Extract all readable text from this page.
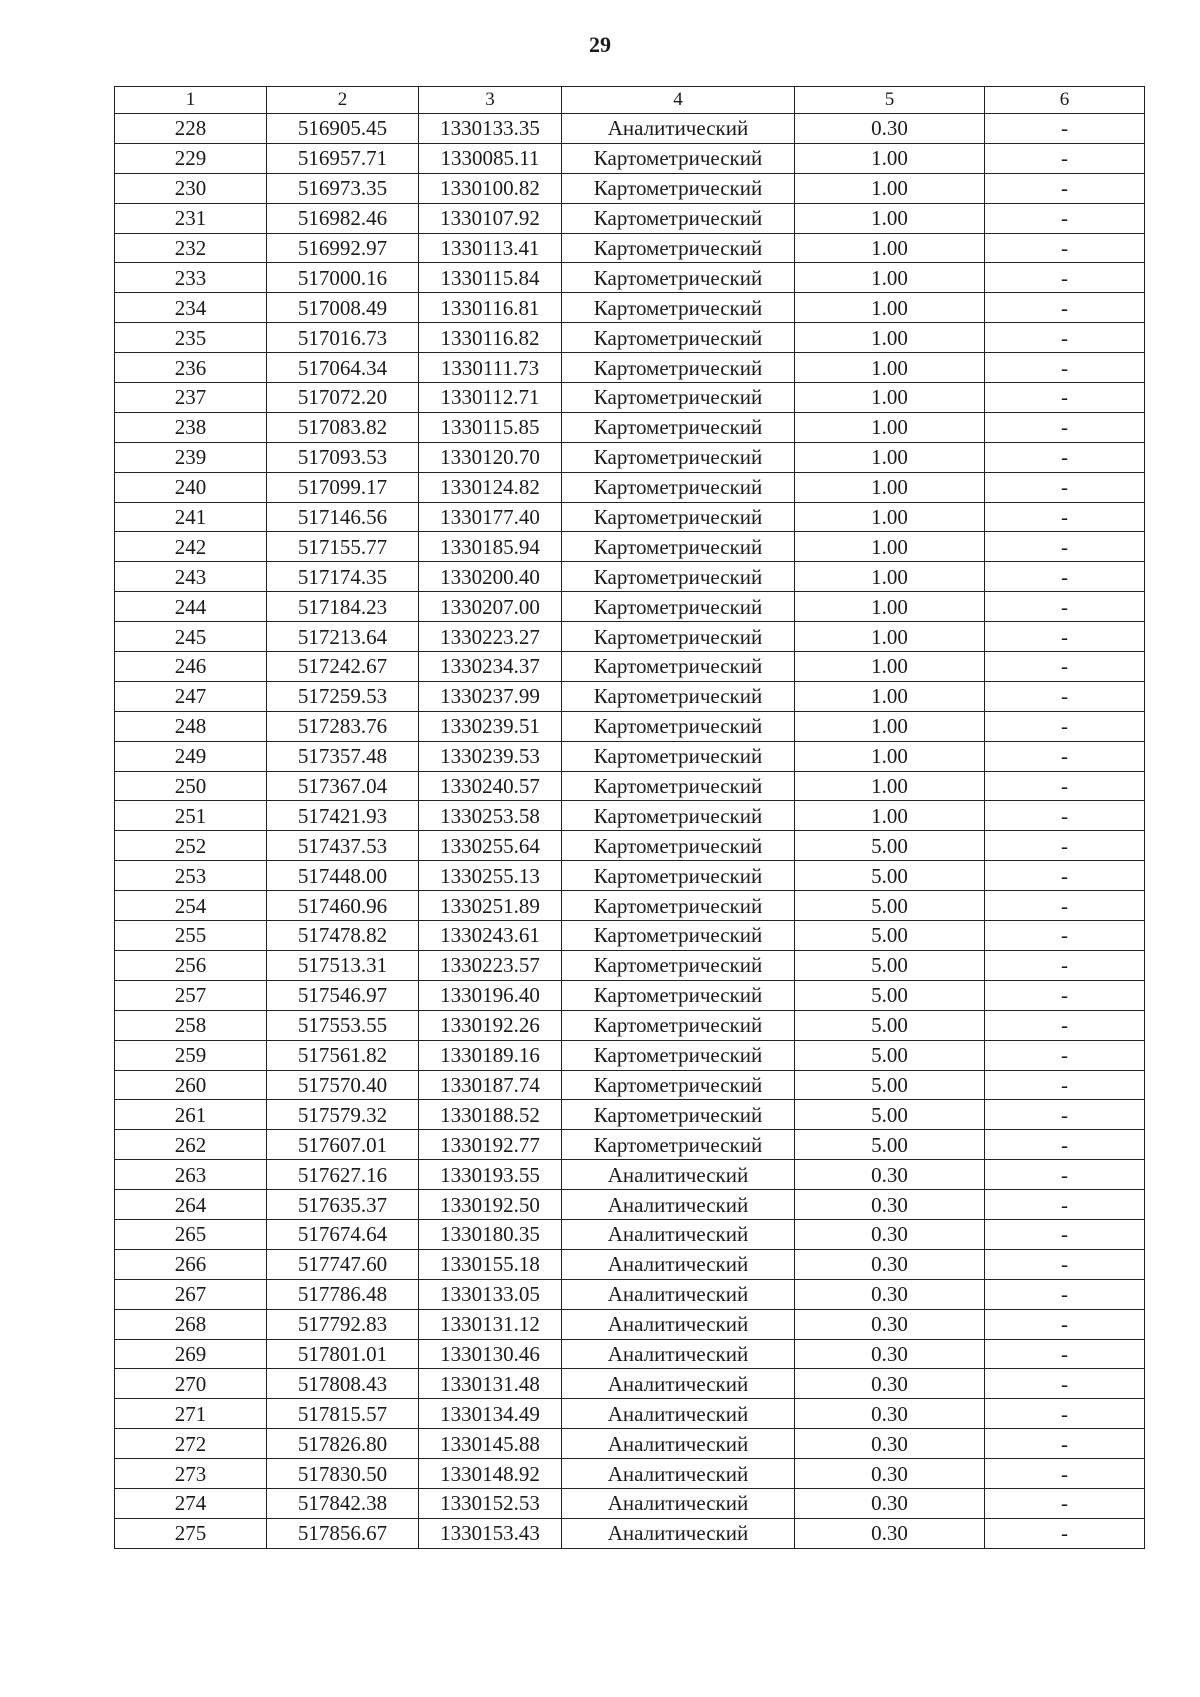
29
1	2	3	4	5	6
228	516905.45	1330133.35	Аналитический	0.30	-
229	516957.71	1330085.11	Картометрический	1.00	-
230	516973.35	1330100.82	Картометрический	1.00	-
231	516982.46	1330107.92	Картометрический	1.00	-
232	516992.97	1330113.41	Картометрический	1.00	-
233	517000.16	1330115.84	Картометрический	1.00	-
234	517008.49	1330116.81	Картометрический	1.00	-
235	517016.73	1330116.82	Картометрический	1.00	-
236	517064.34	1330111.73	Картометрический	1.00	-
237	517072.20	1330112.71	Картометрический	1.00	-
238	517083.82	1330115.85	Картометрический	1.00	-
239	517093.53	1330120.70	Картометрический	1.00	-
240	517099.17	1330124.82	Картометрический	1.00	-
241	517146.56	1330177.40	Картометрический	1.00	-
242	517155.77	1330185.94	Картометрический	1.00	-
243	517174.35	1330200.40	Картометрический	1.00	-
244	517184.23	1330207.00	Картометрический	1.00	-
245	517213.64	1330223.27	Картометрический	1.00	-
246	517242.67	1330234.37	Картометрический	1.00	-
247	517259.53	1330237.99	Картометрический	1.00	-
248	517283.76	1330239.51	Картометрический	1.00	-
249	517357.48	1330239.53	Картометрический	1.00	-
250	517367.04	1330240.57	Картометрический	1.00	-
251	517421.93	1330253.58	Картометрический	1.00	-
252	517437.53	1330255.64	Картометрический	5.00	-
253	517448.00	1330255.13	Картометрический	5.00	-
254	517460.96	1330251.89	Картометрический	5.00	-
255	517478.82	1330243.61	Картометрический	5.00	-
256	517513.31	1330223.57	Картометрический	5.00	-
257	517546.97	1330196.40	Картометрический	5.00	-
258	517553.55	1330192.26	Картометрический	5.00	-
259	517561.82	1330189.16	Картометрический	5.00	-
260	517570.40	1330187.74	Картометрический	5.00	-
261	517579.32	1330188.52	Картометрический	5.00	-
262	517607.01	1330192.77	Картометрический	5.00	-
263	517627.16	1330193.55	Аналитический	0.30	-
264	517635.37	1330192.50	Аналитический	0.30	-
265	517674.64	1330180.35	Аналитический	0.30	-
266	517747.60	1330155.18	Аналитический	0.30	-
267	517786.48	1330133.05	Аналитический	0.30	-
268	517792.83	1330131.12	Аналитический	0.30	-
269	517801.01	1330130.46	Аналитический	0.30	-
270	517808.43	1330131.48	Аналитический	0.30	-
271	517815.57	1330134.49	Аналитический	0.30	-
272	517826.80	1330145.88	Аналитический	0.30	-
273	517830.50	1330148.92	Аналитический	0.30	-
274	517842.38	1330152.53	Аналитический	0.30	-
275	517856.67	1330153.43	Аналитический	0.30	-
